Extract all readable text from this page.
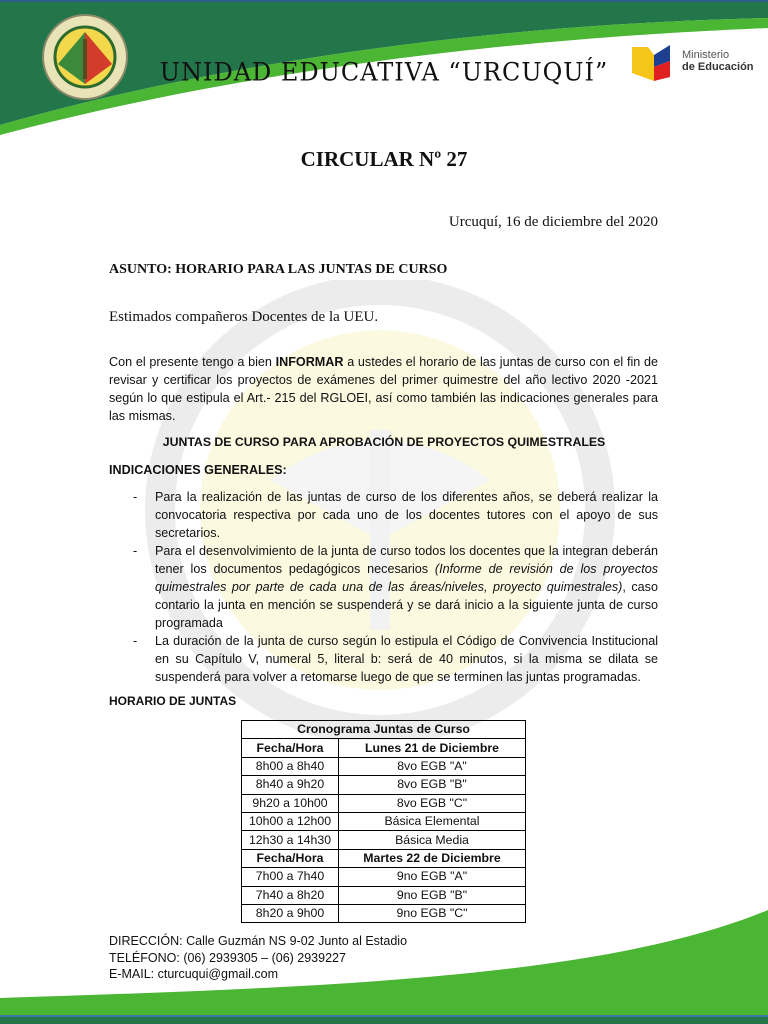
UNIDAD EDUCATIVA “URCUQUÍ”
Ministerio
de Educación
CIRCULAR Nº 27
Urcuquí, 16 de diciembre del 2020
ASUNTO: HORARIO PARA LAS JUNTAS DE CURSO
Estimados compañeros Docentes de la UEU.
Con el presente tengo a bien INFORMAR a ustedes el horario de las juntas de curso con el fin de revisar y certificar los proyectos de exámenes del primer quimestre del año lectivo 2020 -2021 según lo que estipula el Art.- 215 del RGLOEI, así como también las indicaciones generales para las mismas.
JUNTAS DE CURSO PARA APROBACIÓN DE PROYECTOS QUIMESTRALES
INDICACIONES GENERALES:
- Para la realización de las juntas de curso de los diferentes años, se deberá realizar la convocatoria respectiva por cada uno de los docentes tutores con el apoyo de sus secretarios.
- Para el desenvolvimiento de la junta de curso todos los docentes que la integran deberán tener los documentos pedagógicos necesarios (Informe de revisión de los proyectos quimestrales por parte de cada una de las áreas/niveles, proyecto quimestrales), caso contario la junta en mención se suspenderá y se dará inicio a la siguiente junta de curso programada
- La duración de la junta de curso según lo estipula el Código de Convivencia Institucional en su Capítulo V, numeral 5, literal b: será de 40 minutos, si la misma se dilata se suspenderá para volver a retomarse luego de que se terminen las juntas programadas.
HORARIO DE JUNTAS
Cronograma Juntas de Curso	
Fecha/Hora	Lunes 21 de Diciembre
8h00 a 8h40	8vo EGB "A"
8h40 a 9h20	8vo EGB "B"
9h20 a 10h00	8vo EGB "C"
10h00 a 12h00	Básica Elemental
12h30 a 14h30	Básica Media
Fecha/Hora	Martes 22 de Diciembre
7h00 a 7h40	9no EGB "A"
7h40 a 8h20	9no EGB "B"
8h20 a 9h00	9no EGB "C"
DIRECCIÓN: Calle Guzmán NS 9-02 Junto al Estadio
TELÉFONO: (06) 2939305 – (06) 2939227
E-MAIL: cturcuqui@gmail.com
